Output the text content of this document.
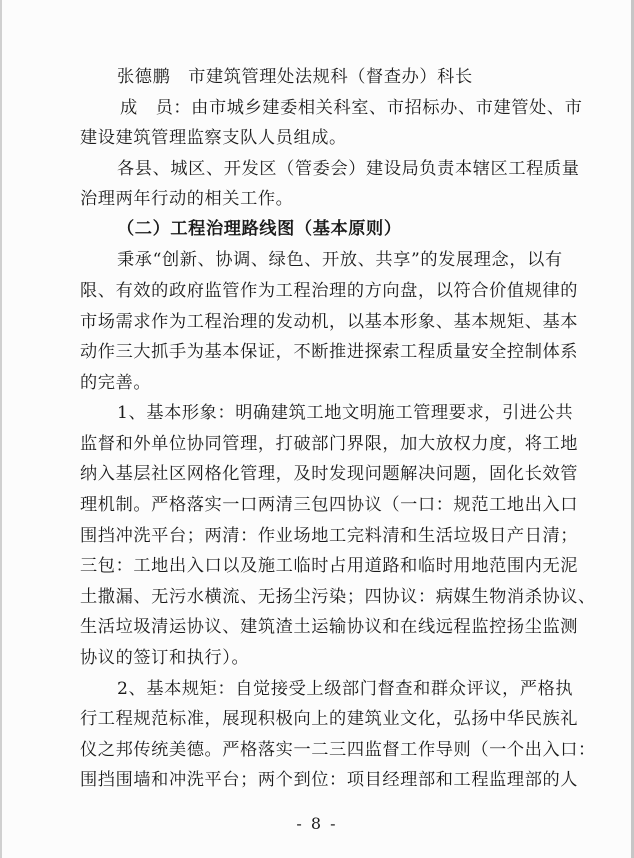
张德鹏　市建筑管理处法规科（督查办）科长
成　员：由市城乡建委相关科室、市招标办、市建管处、市
建设建筑管理监察支队人员组成。
各县、城区、开发区（管委会）建设局负责本辖区工程质量
治理两年行动的相关工作。
（二）工程治理路线图（基本原则）
秉承“创新、协调、绿色、开放、共享”的发展理念，以有
限、有效的政府监管作为工程治理的方向盘，以符合价值规律的
市场需求作为工程治理的发动机，以基本形象、基本规矩、基本
动作三大抓手为基本保证，不断推进探索工程质量安全控制体系
的完善。
1、基本形象：明确建筑工地文明施工管理要求，引进公共
监督和外单位协同管理，打破部门界限，加大放权力度，将工地
纳入基层社区网格化管理，及时发现问题解决问题，固化长效管
理机制。严格落实一口两清三包四协议（一口：规范工地出入口
围挡冲洗平台；两清：作业场地工完料清和生活垃圾日产日清；
三包：工地出入口以及施工临时占用道路和临时用地范围内无泥
土撒漏、无污水横流、无扬尘污染；四协议：病媒生物消杀协议、
生活垃圾清运协议、建筑渣土运输协议和在线远程监控扬尘监测
协议的签订和执行）。
2、基本规矩：自觉接受上级部门督查和群众评议，严格执
行工程规范标准，展现积极向上的建筑业文化，弘扬中华民族礼
仪之邦传统美德。严格落实一二三四监督工作导则（一个出入口：
围挡围墙和冲洗平台；两个到位：项目经理部和工程监理部的人
- 8 -
